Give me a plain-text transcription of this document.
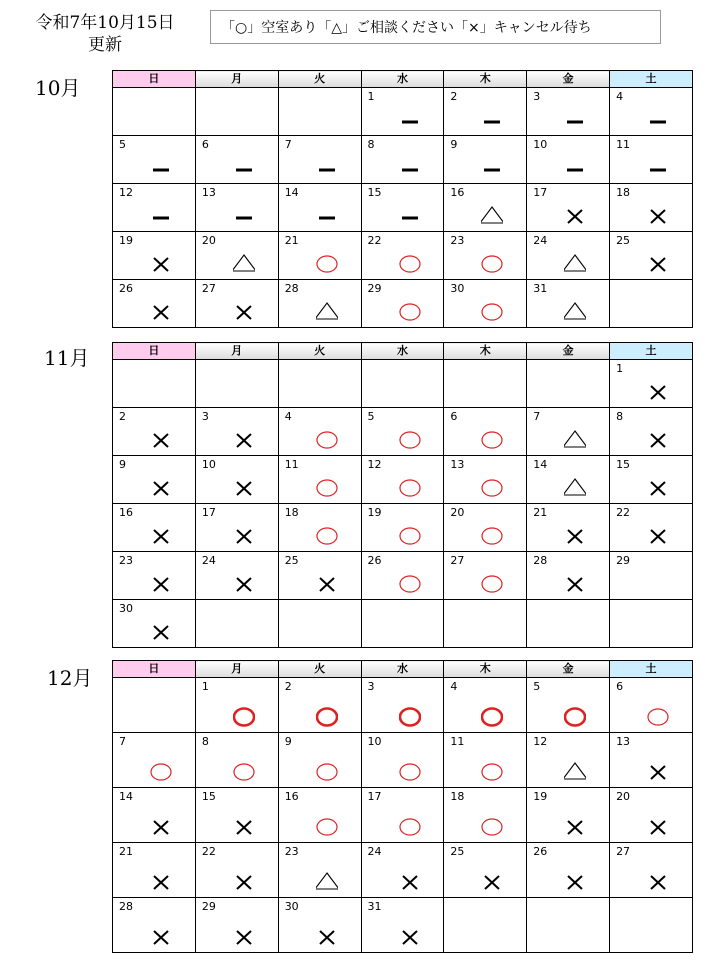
令和7年10月15日
更新
「○」空室あり「△」ご相談ください「×」キャンセル待ち
10月	日	月	火	水	木	金	土

			1	2	3	4

5	6	7	8	9	10	11

12	13	14	15	16	17	18

19	20	21	22	23	24	25

26	27	28	29	30	31	

11月	日	月	火	水	木	金	土

						1

2	3	4	5	6	7	8

9	10	11	12	13	14	15

16	17	18	19	20	21	22

23	24	25	26	27	28	29

30						

12月	日	月	火	水	木	金	土

	1	2	3	4	5	6

7	8	9	10	11	12	13

14	15	16	17	18	19	20

21	22	23	24	25	26	27

28	29	30	31			
